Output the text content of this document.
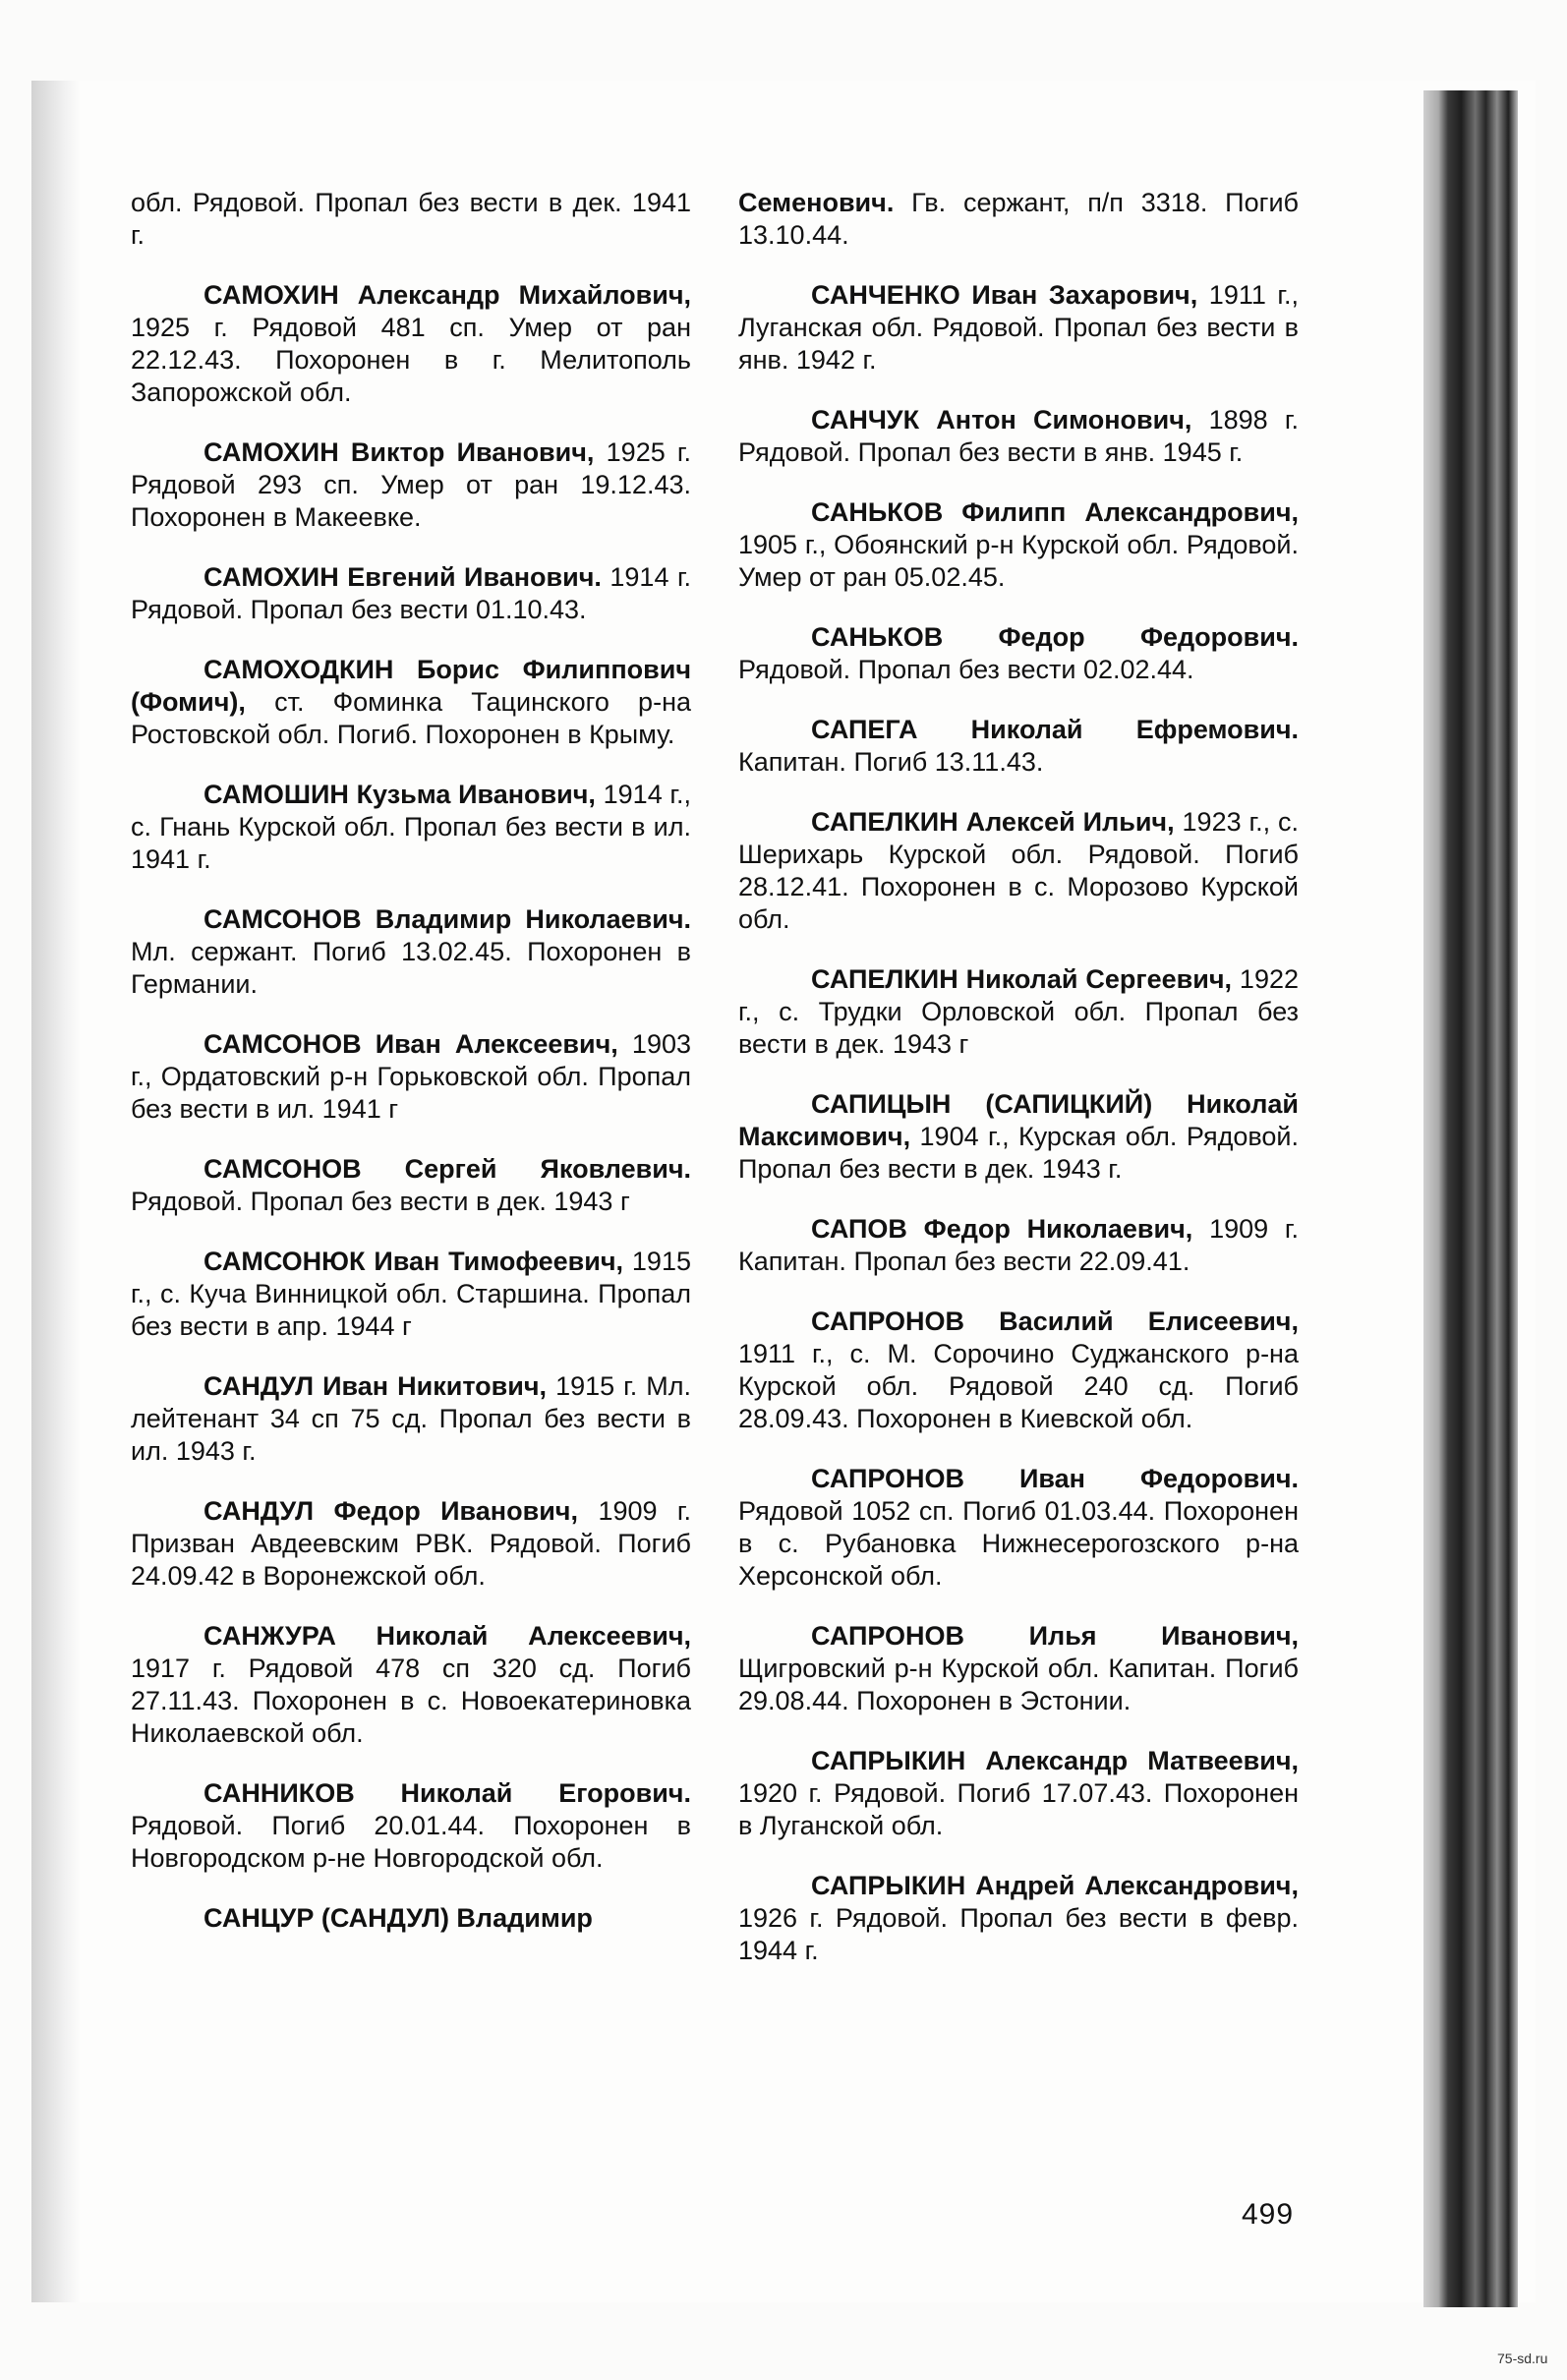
обл. Рядовой. Пропал без вести в дек. 1941 г.

САМОХИН Александр Михайлович, 1925 г. Рядовой 481 сп. Умер от ран 22.12.43. Похоронен в г. Мелитополь Запорожской обл.

САМОХИН Виктор Иванович, 1925 г. Рядовой 293 сп. Умер от ран 19.12.43. Похоронен в Макеевке.

САМОХИН Евгений Иванович. 1914 г. Рядовой. Пропал без вести 01.10.43.

САМОХОДКИН Борис Филиппович (Фомич), ст. Фоминка Тацинского р-на Ростовской обл. Погиб. Похоронен в Крыму.

САМОШИН Кузьма Иванович, 1914 г., с. Гнань Курской обл. Пропал без вести в ил. 1941 г.

САМСОНОВ Владимир Николаевич. Мл. сержант. Погиб 13.02.45. Похоронен в Германии.

САМСОНОВ Иван Алексеевич, 1903 г., Ордатовский р-н Горьковской обл. Пропал без вести в ил. 1941 г

САМСОНОВ Сергей Яковлевич. Рядовой. Пропал без вести в дек. 1943 г

САМСОНЮК Иван Тимофеевич, 1915 г., с. Куча Винницкой обл. Старшина. Пропал без вести в апр. 1944 г

САНДУЛ Иван Никитович, 1915 г. Мл. лейтенант 34 сп 75 сд. Пропал без вести в ил. 1943 г.

САНДУЛ Федор Иванович, 1909 г. Призван Авдеевским РВК. Рядовой. Погиб 24.09.42 в Воронежской обл.

САНЖУРА Николай Алексеевич, 1917 г. Рядовой 478 сп 320 сд. Погиб 27.11.43. Похоронен в с. Новоекатериновка Николаевской обл.

САННИКОВ Николай Егорович. Рядовой. Погиб 20.01.44. Похоронен в Новгородском р-не Новгородской обл.

САНЦУР (САНДУЛ) Владимир

Семенович. Гв. сержант, п/п 3318. Погиб 13.10.44.

САНЧЕНКО Иван Захарович, 1911 г., Луганская обл. Рядовой. Пропал без вести в янв. 1942 г.

САНЧУК Антон Симонович, 1898 г. Рядовой. Пропал без вести в янв. 1945 г.

САНЬКОВ Филипп Александрович, 1905 г., Обоянский р-н Курской обл. Рядовой. Умер от ран 05.02.45.

САНЬКОВ Федор Федорович. Рядовой. Пропал без вести 02.02.44.

САПЕГА Николай Ефремович. Капитан. Погиб 13.11.43.

САПЕЛКИН Алексей Ильич, 1923 г., с. Шерихарь Курской обл. Рядовой. Погиб 28.12.41. Похоронен в с. Морозово Курской обл.

САПЕЛКИН Николай Сергеевич, 1922 г., с. Трудки Орловской обл. Пропал без вести в дек. 1943 г

САПИЦЫН (САПИЦКИЙ) Николай Максимович, 1904 г., Курская обл. Рядовой. Пропал без вести в дек. 1943 г.

САПОВ Федор Николаевич, 1909 г. Капитан. Пропал без вести 22.09.41.

САПРОНОВ Василий Елисеевич, 1911 г., с. М. Сорочино Суджанского р-на Курской обл. Рядовой 240 сд. Погиб 28.09.43. Похоронен в Киевской обл.

САПРОНОВ Иван Федорович. Рядовой 1052 сп. Погиб 01.03.44. Похоронен в с. Рубановка Нижнесерогозского р-на Херсонской обл.

САПРОНОВ Илья Иванович, Щигровский р-н Курской обл. Капитан. Погиб 29.08.44. Похоронен в Эстонии.

САПРЫКИН Александр Матвеевич, 1920 г. Рядовой. Погиб 17.07.43. Похоронен в Луганской обл.

САПРЫКИН Андрей Александрович, 1926 г. Рядовой. Пропал без вести в февр. 1944 г.

499
75-sd.ru
